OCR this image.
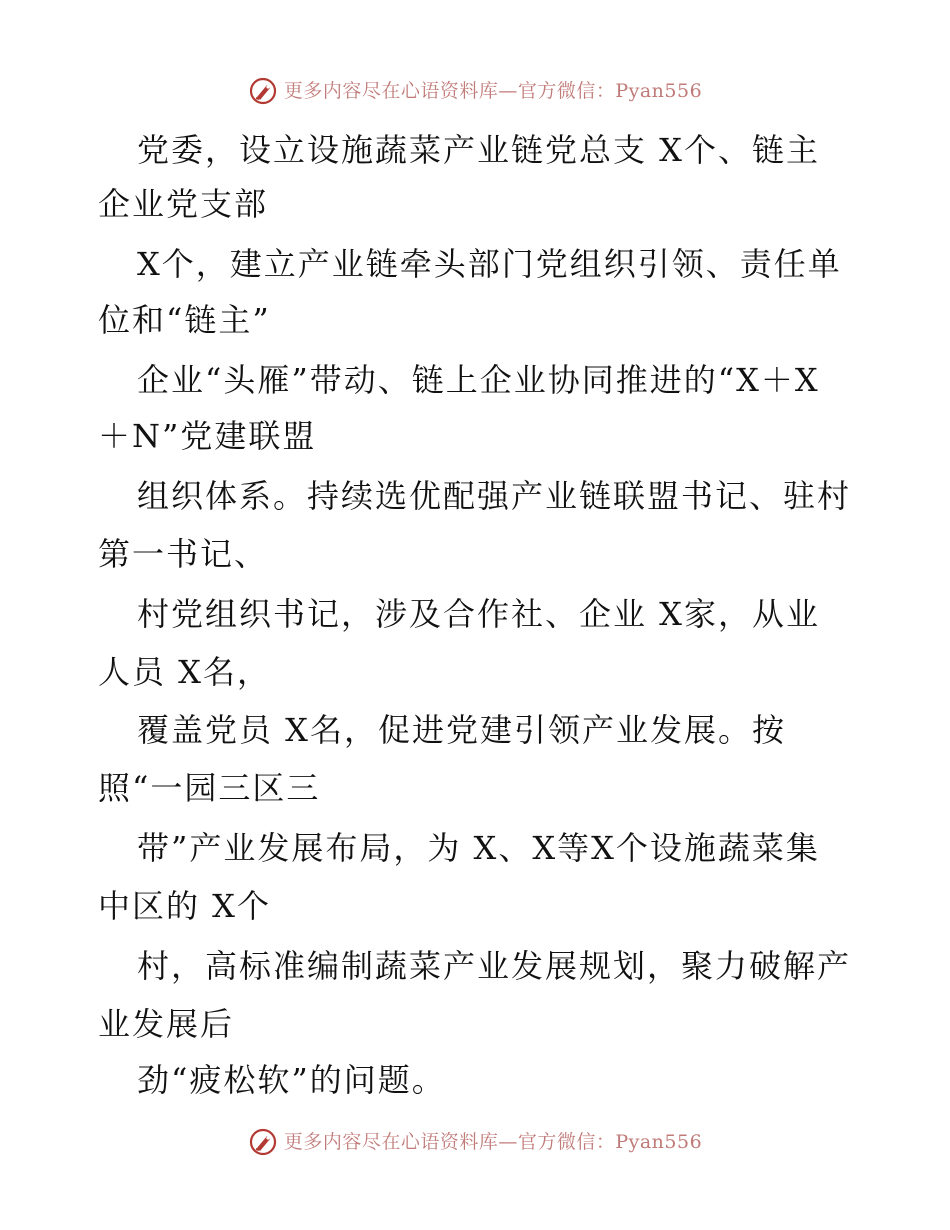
更多内容尽在心语资料库—官方微信：Pyan556
党委，设立设施蔬菜产业链党总支 X个、链主
企业党支部
X个，建立产业链牵头部门党组织引领、责任单
位和“链主”
企业“头雁”带动、链上企业协同推进的“X＋X
＋N”党建联盟
组织体系。持续选优配强产业链联盟书记、驻村
第一书记、
村党组织书记，涉及合作社、企业 X家，从业
人员 X名，
覆盖党员 X名，促进党建引领产业发展。按
照“一园三区三
带”产业发展布局，为 X、X等X个设施蔬菜集
中区的 X个
村，高标准编制蔬菜产业发展规划，聚力破解产
业发展后
劲“疲松软”的问题。
更多内容尽在心语资料库—官方微信：Pyan556
